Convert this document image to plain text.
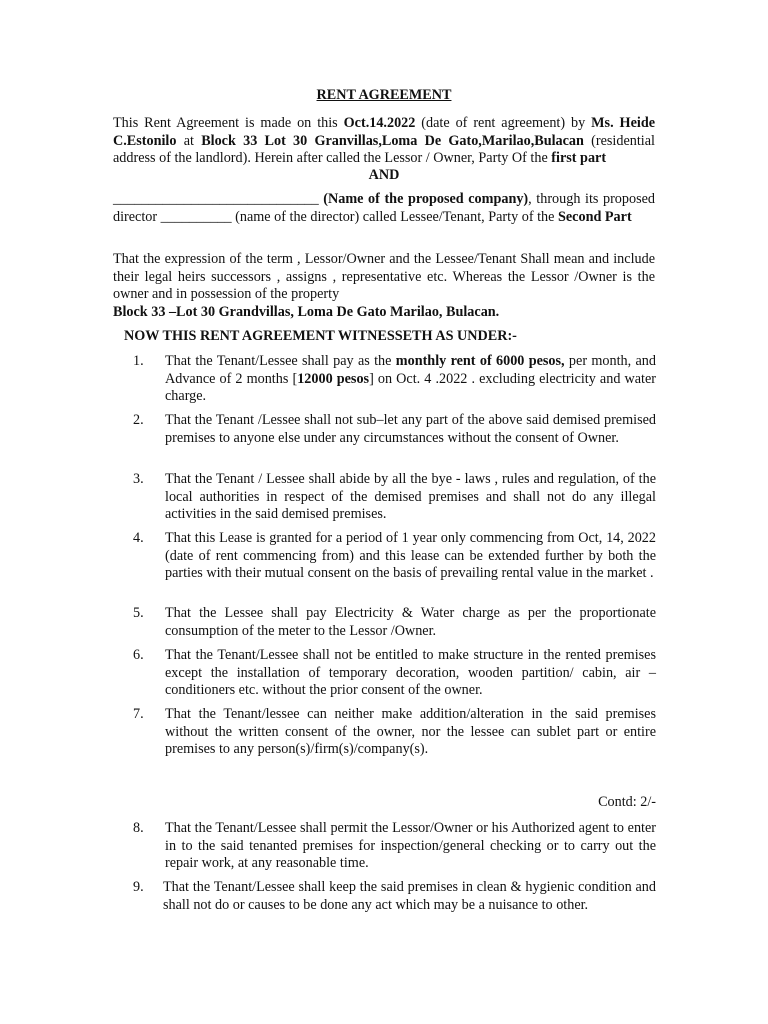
RENT AGREEMENT
This Rent Agreement is made on this Oct.14.2022 (date of rent agreement) by Ms. Heide C.Estonilo at Block 33 Lot 30 Granvillas,Loma De Gato,Marilao,Bulacan (residential address of the landlord). Herein after called the Lessor / Owner, Party Of the first part
AND
_____________________________ (Name of the proposed company), through its proposed director __________ (name of the director) called Lessee/Tenant, Party of the Second Part
That the expression of the term , Lessor/Owner and the Lessee/Tenant Shall mean and include their legal heirs successors , assigns , representative etc. Whereas the Lessor /Owner is the owner and in possession of the property
Block 33 –Lot 30 Grandvillas, Loma De Gato Marilao, Bulacan.
NOW THIS RENT AGREEMENT WITNESSETH AS UNDER:-
1. That the Tenant/Lessee shall pay as the monthly rent of 6000 pesos, per month, and Advance of 2 months [12000 pesos] on Oct. 4 .2022 . excluding electricity and water charge.
2. That the Tenant /Lessee shall not sub–let any part of the above said demised premised premises to anyone else under any circumstances without the consent of Owner.
3. That the Tenant / Lessee shall abide by all the bye - laws , rules and regulation, of the local authorities in respect of the demised premises and shall not do any illegal activities in the said demised premises.
4. That this Lease is granted for a period of 1 year only commencing from Oct, 14, 2022 (date of rent commencing from) and this lease can be extended further by both the parties with their mutual consent on the basis of prevailing rental value in the market .
5. That the Lessee shall pay Electricity & Water charge as per the proportionate consumption of the meter to the Lessor /Owner.
6. That the Tenant/Lessee shall not be entitled to make structure in the rented premises except the installation of temporary decoration, wooden partition/ cabin, air – conditioners etc. without the prior consent of the owner.
7. That the Tenant/lessee can neither make addition/alteration in the said premises without the written consent of the owner, nor the lessee can sublet part or entire premises to any person(s)/firm(s)/company(s).
Contd: 2/-
8. That the Tenant/Lessee shall permit the Lessor/Owner or his Authorized agent to enter in to the said tenanted premises for inspection/general checking or to carry out the repair work, at any reasonable time.
9. That the Tenant/Lessee shall keep the said premises in clean & hygienic condition and shall not do or causes to be done any act which may be a nuisance to other.
